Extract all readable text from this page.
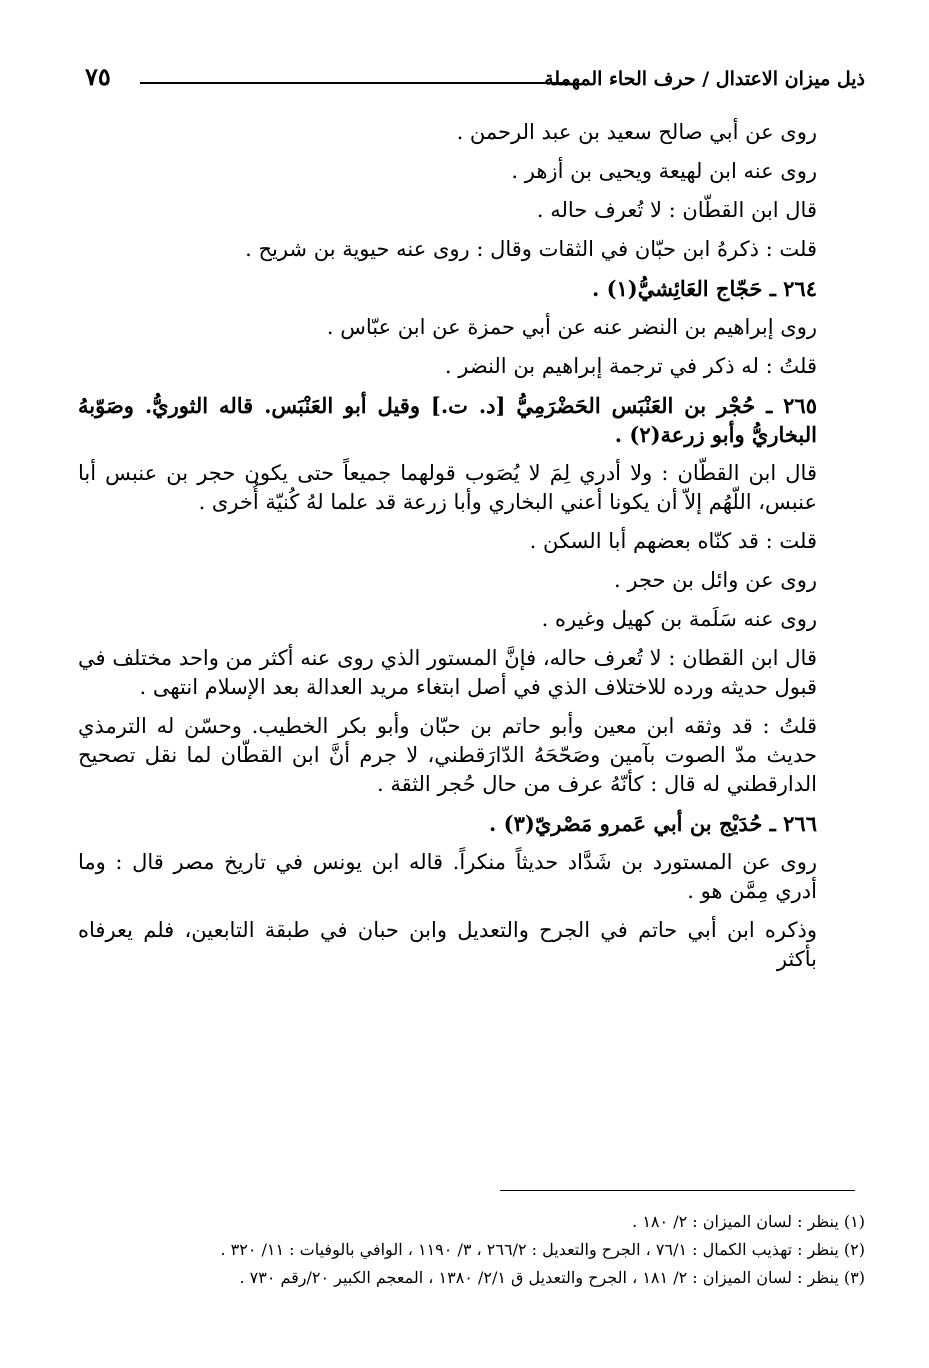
٧٥	ذيل ميزان الاعتدال / حرف الحاء المهملة

روى عن أبي صالح سعيد بن عبد الرحمن .

روى عنه ابن لهيعة ويحيى بن أزهر .

قال ابن القطّان : لا تُعرف حاله .

قلت : ذكرهُ ابن حبّان في الثقات وقال : روى عنه حيوية بن شريح .

٢٦٤ ـ حَجّاج العَائِشيُّ(١) .

روى إبراهيم بن النضر عنه عن أبي حمزة عن ابن عبّاس .

قلتُ : له ذكر في ترجمة إبراهيم بن النضر .

٢٦٥ ـ حُجْر بن العَنْبَس الحَضْرَمِيُّ [د. ت.] وقيل أبو العَنْبَس. قاله الثوريُّ. وصَوّبهُ البخاريُّ وأبو زرعة(٢) .

قال ابن القطّان : ولا أدري لِمَ لا يُصَوب قولهما جميعاً حتى يكون حجر بن عنبس أبا عنبس، اللّهُم إلاّ أن يكونا أعني البخاري وأبا زرعة قد علما لهُ كُنيّة أُخرى .

قلت : قد كنّاه بعضهم أبا السكن .

روى عن وائل بن حجر .

روى عنه سَلَمة بن كهيل وغيره .

قال ابن القطان : لا تُعرف حاله، فإنَّ المستور الذي روى عنه أكثر من واحد مختلف في قبول حديثه ورده للاختلاف الذي في أصل ابتغاء مريد العدالة بعد الإسلام انتهى .

قلتُ : قد وثقه ابن معين وأبو حاتم بن حبّان وأبو بكر الخطيب. وحسّن له الترمذي حديث مدّ الصوت بآمين وصَحّحَهُ الدّارَقطني، لا جرم أنَّ ابن القطّان لما نقل تصحيح الدارقطني له قال : كأنّهُ عرف من حال حُجر الثقة .

٢٦٦ ـ حُدَيْج بن أبي عَمرو مَصْريّ(٣) .

روى عن المستورد بن شَدَّاد حديثاً منكراً. قاله ابن يونس في تاريخ مصر قال : وما أدري مِمَّن هو .

وذكره ابن أبي حاتم في الجرح والتعديل وابن حبان في طبقة التابعين، فلم يعرفاه بأكثر

(١) ينظر : لسان الميزان : ٢/ ١٨٠ .
(٢) ينظر : تهذيب الكمال : ٧٦/١ ، الجرح والتعديل : ٢٦٦/٢ ، ٣/ ١١٩٠ ، الوافي بالوفيات : ١١/ ٣٢٠ .
(٣) ينظر : لسان الميزان : ٢/ ١٨١ ، الجرح والتعديل ق ٢/١/ ١٣٨٠ ، المعجم الكبير ٢٠/رقم ٧٣٠ .
